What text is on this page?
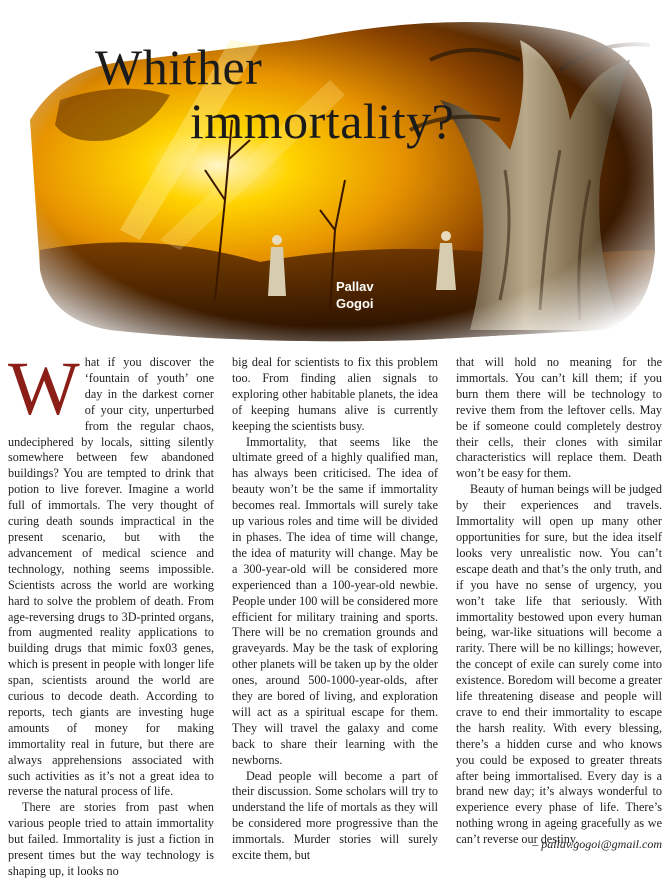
Whither
immortality?
Pallav
Gogoi
W hat if you discover the ‘fountain of youth’ one day in the darkest corner of your city, unperturbed from the regular chaos, undeciphered by locals, sitting silently somewhere between few abandoned buildings? You are tempted to drink that potion to live forever. Imagine a world full of immortals. The very thought of curing death sounds impractical in the present scenario, but with the advancement of medical science and technology, nothing seems impossible. Scientists across the world are working hard to solve the problem of death. From age-reversing drugs to 3D-printed organs, from augmented reality applications to building drugs that mimic fox03 genes, which is present in people with longer life span, scientists around the world are curious to decode death. According to reports, tech giants are investing huge amounts of money for making immortality real in future, but there are always apprehensions associated with such activities as it’s not a great idea to reverse the natural process of life.

There are stories from past when various people tried to attain immortality but failed. Immortality is just a fiction in present times but the way technology is shaping up, it looks no

big deal for scientists to fix this problem too. From finding alien signals to exploring other habitable planets, the idea of keeping humans alive is currently keeping the scientists busy.

Immortality, that seems like the ultimate greed of a highly qualified man, has always been criticised. The idea of beauty won’t be the same if immortality becomes real. Immortals will surely take up various roles and time will be divided in phases. The idea of time will change, the idea of maturity will change. May be a 300-year-old will be considered more experienced than a 100-year-old newbie. People under 100 will be considered more efficient for military training and sports. There will be no cremation grounds and graveyards. May be the task of exploring other planets will be taken up by the older ones, around 500-1000-year-olds, after they are bored of living, and exploration will act as a spiritual escape for them. They will travel the galaxy and come back to share their learning with the newborns.

Dead people will become a part of their discussion. Some scholars will try to understand the life of mortals as they will be considered more progressive than the immortals. Murder stories will surely excite them, but

that will hold no meaning for the immortals. You can’t kill them; if you burn them there will be technology to revive them from the leftover cells. May be if someone could completely destroy their cells, their clones with similar characteristics will replace them. Death won’t be easy for them.

Beauty of human beings will be judged by their experiences and travels. Immortality will open up many other opportunities for sure, but the idea itself looks very unrealistic now. You can’t escape death and that’s the only truth, and if you have no sense of urgency, you won’t take life that seriously. With immortality bestowed upon every human being, war-like situations will become a rarity. There will be no killings; however, the concept of exile can surely come into existence. Boredom will become a greater life threatening disease and people will crave to end their immortality to escape the harsh reality. With every blessing, there’s a hidden curse and who knows you could be exposed to greater threats after being immortalised. Every day is a brand new day; it’s always wonderful to experience every phase of life. There’s nothing wrong in ageing gracefully as we can’t reverse our destiny.

– pallav.gogoi@gmail.com
